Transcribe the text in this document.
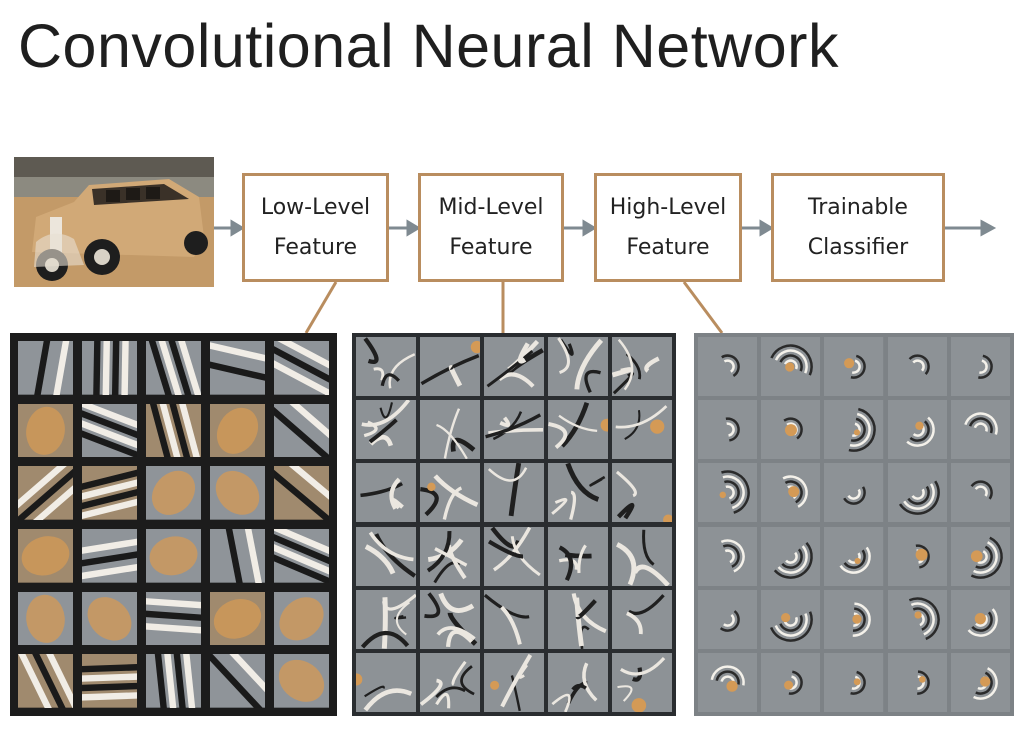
Convolutional Neural Network
Low-Level
Feature
Mid-Level
Feature
High-Level
Feature
Trainable
Classifier
